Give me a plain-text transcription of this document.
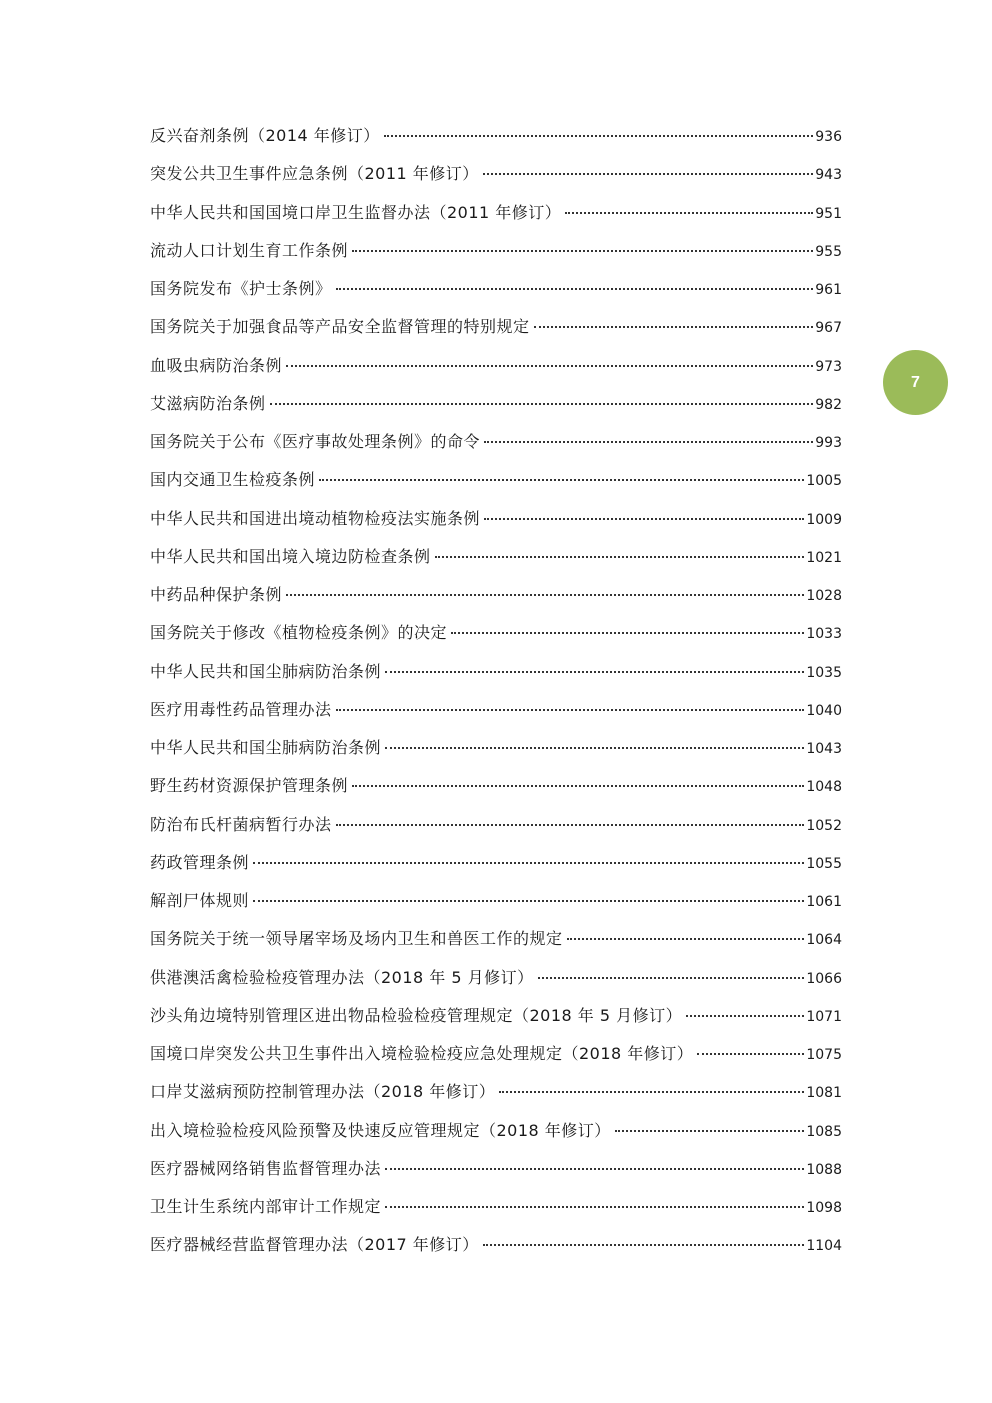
反兴奋剂条例（2014 年修订）	936
突发公共卫生事件应急条例（2011 年修订）	943
中华人民共和国国境口岸卫生监督办法（2011 年修订）	951
流动人口计划生育工作条例	955
国务院发布《护士条例》	961
国务院关于加强食品等产品安全监督管理的特别规定	967
血吸虫病防治条例	973
艾滋病防治条例	982
国务院关于公布《医疗事故处理条例》的命令	993
国内交通卫生检疫条例	1005
中华人民共和国进出境动植物检疫法实施条例	1009
中华人民共和国出境入境边防检查条例	1021
中药品种保护条例	1028
国务院关于修改《植物检疫条例》的决定	1033
中华人民共和国尘肺病防治条例	1035
医疗用毒性药品管理办法	1040
中华人民共和国尘肺病防治条例	1043
野生药材资源保护管理条例	1048
防治布氏杆菌病暂行办法	1052
药政管理条例	1055
解剖尸体规则	1061
国务院关于统一领导屠宰场及场内卫生和兽医工作的规定	1064
供港澳活禽检验检疫管理办法（2018 年 5 月修订）	1066
沙头角边境特别管理区进出物品检验检疫管理规定（2018 年 5 月修订）	1071
国境口岸突发公共卫生事件出入境检验检疫应急处理规定（2018 年修订）	1075
口岸艾滋病预防控制管理办法（2018 年修订）	1081
出入境检验检疫风险预警及快速反应管理规定（2018 年修订）	1085
医疗器械网络销售监督管理办法	1088
卫生计生系统内部审计工作规定	1098
医疗器械经营监督管理办法（2017 年修订）	1104
7
